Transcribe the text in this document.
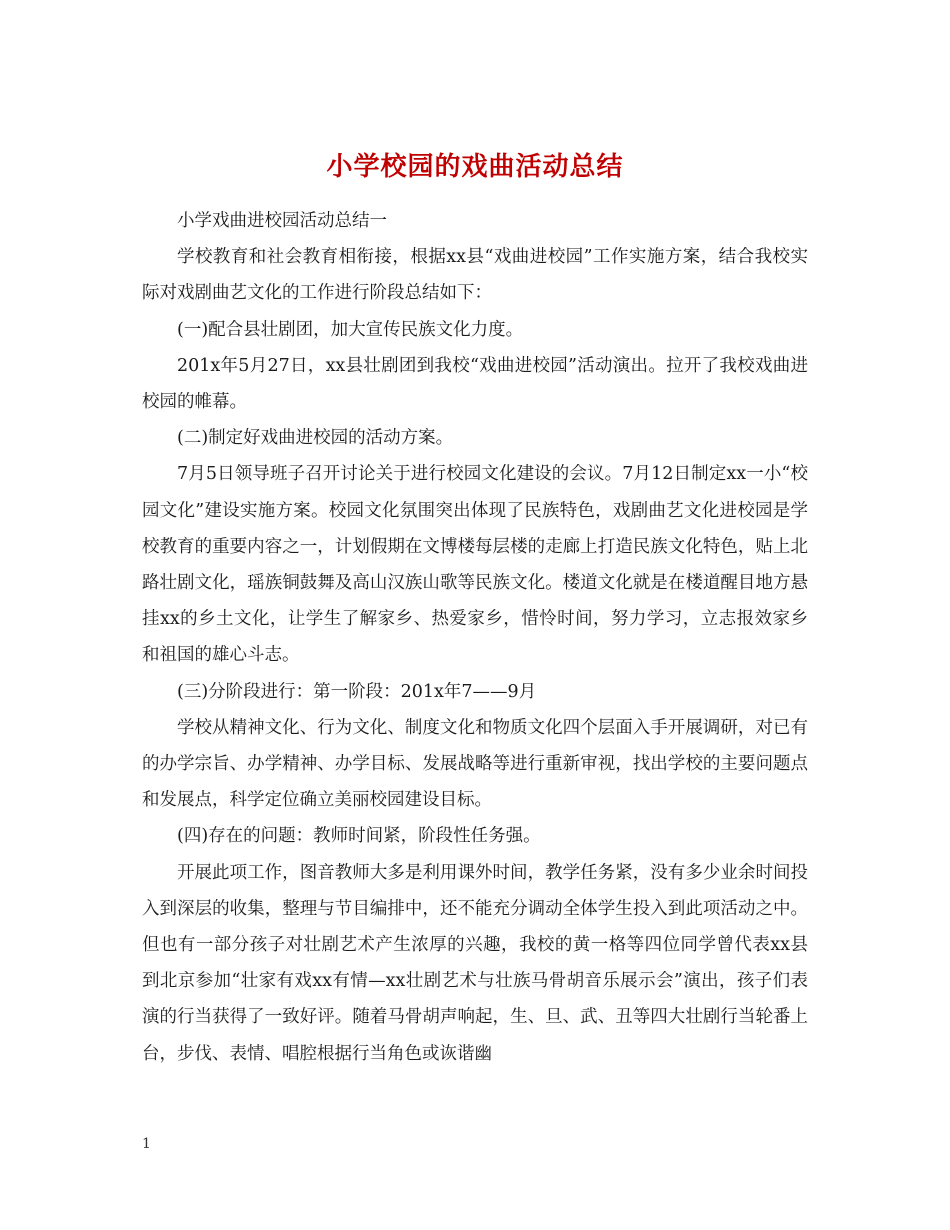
小学校园的戏曲活动总结

小学戏曲进校园活动总结一

学校教育和社会教育相衔接，根据xx县“戏曲进校园”工作实施方案，结合我校实际对戏剧曲艺文化的工作进行阶段总结如下：

(一)配合县壮剧团，加大宣传民族文化力度。

201x年5月27日，xx县壮剧团到我校“戏曲进校园”活动演出。拉开了我校戏曲进校园的帷幕。

(二)制定好戏曲进校园的活动方案。

7月5日领导班子召开讨论关于进行校园文化建设的会议。7月12日制定xx一小“校园文化”建设实施方案。校园文化氛围突出体现了民族特色，戏剧曲艺文化进校园是学校教育的重要内容之一，计划假期在文博楼每层楼的走廊上打造民族文化特色，贴上北路壮剧文化，瑶族铜鼓舞及高山汉族山歌等民族文化。楼道文化就是在楼道醒目地方悬挂xx的乡土文化，让学生了解家乡、热爱家乡，惜怜时间，努力学习，立志报效家乡和祖国的雄心斗志。

(三)分阶段进行：第一阶段：201x年7——9月

学校从精神文化、行为文化、制度文化和物质文化四个层面入手开展调研，对已有的办学宗旨、办学精神、办学目标、发展战略等进行重新审视，找出学校的主要问题点和发展点，科学定位确立美丽校园建设目标。

(四)存在的问题：教师时间紧，阶段性任务强。

开展此项工作，图音教师大多是利用课外时间，教学任务紧，没有多少业余时间投入到深层的收集，整理与节目编排中，还不能充分调动全体学生投入到此项活动之中。但也有一部分孩子对壮剧艺术产生浓厚的兴趣，我校的黄一格等四位同学曾代表xx县到北京参加“壮家有戏xx有情—xx壮剧艺术与壮族马骨胡音乐展示会”演出，孩子们表演的行当获得了一致好评。随着马骨胡声响起，生、旦、武、丑等四大壮剧行当轮番上台，步伐、表情、唱腔根据行当角色或诙谐幽

1
